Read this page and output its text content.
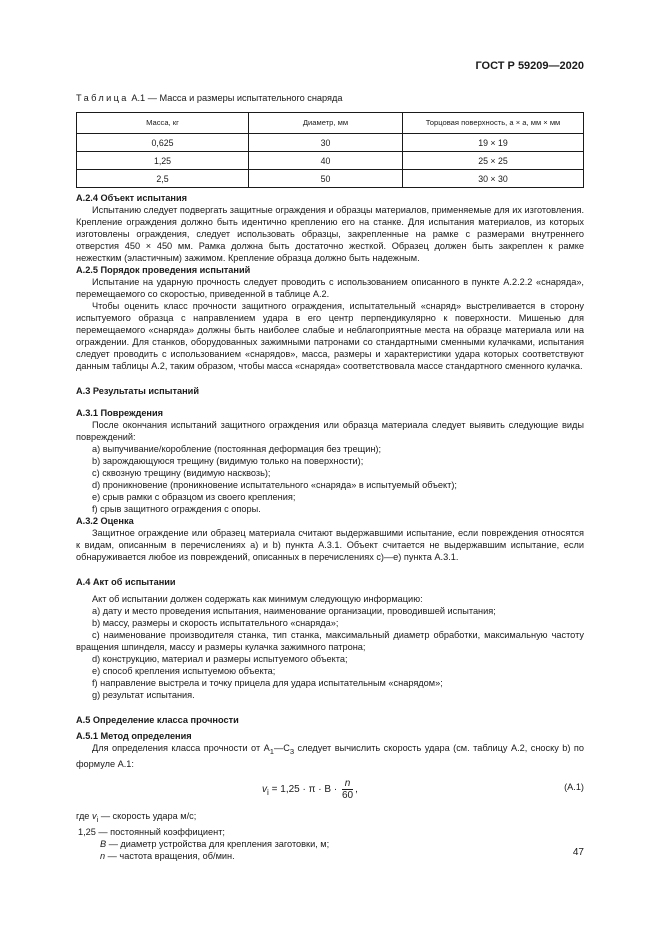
ГОСТ Р 59209—2020
Таблица А.1 — Масса и размеры испытательного снаряда
Масса, кг	Диаметр, мм	Торцовая поверхность, а × а, мм × мм
0,625	30	19 × 19
1,25	40	25 × 25
2,5	50	30 × 30
А.2.4 Объект испытания

Испытанию следует подвергать защитные ограждения и образцы материалов, применяемые для их изготовления. Крепление ограждения должно быть идентично креплению его на станке. Для испытания материалов, из которых изготовлены ограждения, следует использовать образцы, закрепленные на рамке с размерами внутреннего отверстия 450 × 450 мм. Рамка должна быть достаточно жесткой. Образец должен быть закреплен к рамке нежестким (эластичным) зажимом. Крепление образца должно быть надежным.

А.2.5 Порядок проведения испытаний

Испытание на ударную прочность следует проводить с использованием описанного в пункте А.2.2.2 «снаряда», перемещаемого со скоростью, приведенной в таблице А.2.

Чтобы оценить класс прочности защитного ограждения, испытательный «снаряд» выстреливается в сторону испытуемого образца с направлением удара в его центр перпендикулярно к поверхности. Мишенью для перемещаемого «снаряда» должны быть наиболее слабые и неблагоприятные места на образце материала или на ограждении. Для станков, оборудованных зажимными патронами со стандартными сменными кулачками, испытания следует проводить с использованием «снарядов», масса, размеры и характеристики удара которых соответствуют данным таблицы А.2, таким образом, чтобы масса «снаряда» соответствовала массе стандартного сменного кулачка.

А.3 Результаты испытаний
А.3.1 Повреждения

После окончания испытаний защитного ограждения или образца материала следует выявить следующие виды повреждений:

a) выпучивание/коробление (постоянная деформация без трещин);

b) зарождающуюся трещину (видимую только на поверхности);

c) сквозную трещину (видимую насквозь);

d) проникновение (проникновение испытательного «снаряда» в испытуемый объект);

e) срыв рамки с образцом из своего крепления;

f) срыв защитного ограждения с опоры.

А.3.2 Оценка

Защитное ограждение или образец материала считают выдержавшими испытание, если повреждения относятся к видам, описанным в перечислениях а) и b) пункта А.3.1. Объект считается не выдержавшим испытание, если обнаруживается любое из повреждений, описанных в перечислениях c)—e) пункта А.3.1.

А.4 Акт об испытании

Акт об испытании должен содержать как минимум следующую информацию:

a) дату и место проведения испытания, наименование организации, проводившей испытания;

b) массу, размеры и скорость испытательного «снаряда»;

c) наименование производителя станка, тип станка, максимальный диаметр обработки, максимальную частоту вращения шпинделя, массу и размеры кулачка зажимного патрона;

d) конструкцию, материал и размеры испытуемого объекта;

e) способ крепления испытуемою объекта;

f) направление выстрела и точку прицела для удара испытательным «снарядом»;

g) результат испытания.

А.5 Определение класса прочности
А.5.1 Метод определения

Для определения класса прочности от $А_1—С_3$ следует вычислить скорость удара (см. таблицу А.2, сноску b) по формуле А.1:

$v_i = 1,25 \cdot \pi \cdot B \cdot \frac{n}{60}$ ,	(А.1)
где $v_i$ — скорость удара м/с;
1,25 — постоянный коэффициент;
B — диаметр устройства для крепления заготовки, м;
n — частота вращения, об/мин.	47
